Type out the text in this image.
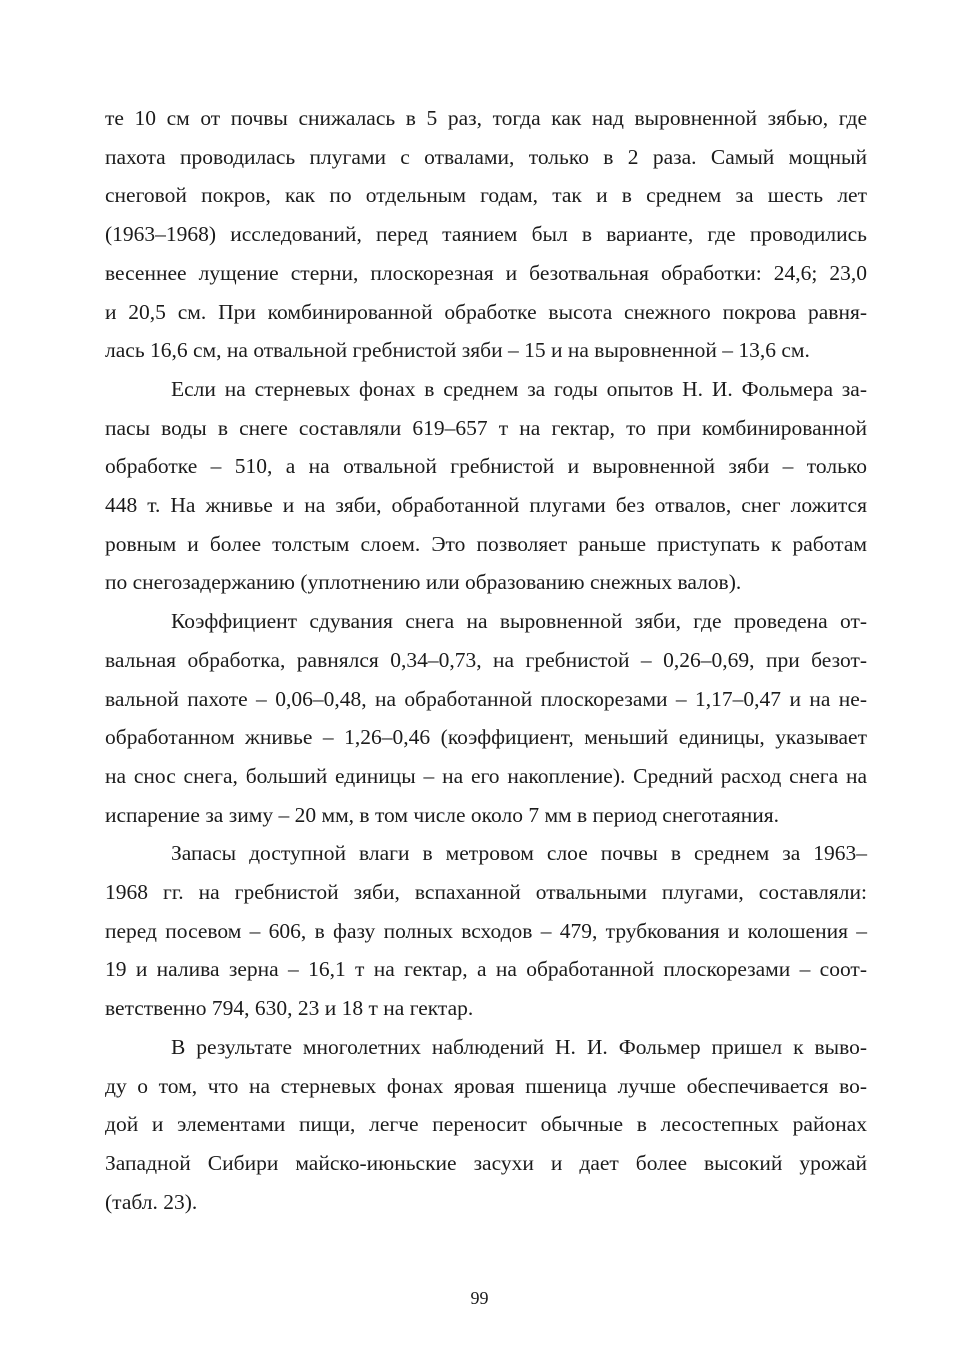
те 10 см от почвы снижалась в 5 раз, тогда как над выровненной зябью, где
пахота проводилась плугами с отвалами, только в 2 раза. Самый мощный
снеговой покров, как по отдельным годам, так и в среднем за шесть лет
(1963–1968) исследований, перед таянием был в варианте, где проводились
весеннее лущение стерни, плоскорезная и безотвальная обработки: 24,6; 23,0
и 20,5 см. При комбинированной обработке высота снежного покрова равня-
лась 16,6 см, на отвальной гребнистой зяби – 15 и на выровненной – 13,6 см.
Если на стерневых фонах в среднем за годы опытов Н. И. Фольмера за-
пасы воды в снеге составляли 619–657 т на гектар, то при комбинированной
обработке – 510, а на отвальной гребнистой и выровненной зяби – только
448 т. На жнивье и на зяби, обработанной плугами без отвалов, снег ложится
ровным и более толстым слоем. Это позволяет раньше приступать к работам
по снегозадержанию (уплотнению или образованию снежных валов).
Коэффициент сдувания снега на выровненной зяби, где проведена от-
вальная обработка, равнялся 0,34–0,73, на гребнистой – 0,26–0,69, при безот-
вальной пахоте – 0,06–0,48, на обработанной плоскорезами – 1,17–0,47 и на не-
обработанном жнивье – 1,26–0,46 (коэффициент, меньший единицы, указывает
на снос снега, больший единицы – на его накопление). Средний расход снега на
испарение за зиму – 20 мм, в том числе около 7 мм в период снеготаяния.
Запасы доступной влаги в метровом слое почвы в среднем за 1963–
1968 гг. на гребнистой зяби, вспаханной отвальными плугами, составляли:
перед посевом – 606, в фазу полных всходов – 479, трубкования и колошения –
19 и налива зерна – 16,1 т на гектар, а на обработанной плоскорезами – соот-
ветственно 794, 630, 23 и 18 т на гектар.
В результате многолетних наблюдений Н. И. Фольмер пришел к выво-
ду о том, что на стерневых фонах яровая пшеница лучше обеспечивается во-
дой и элементами пищи, легче переносит обычные в лесостепных районах
Западной Сибири майско-июньские засухи и дает более высокий урожай
(табл. 23).
99
